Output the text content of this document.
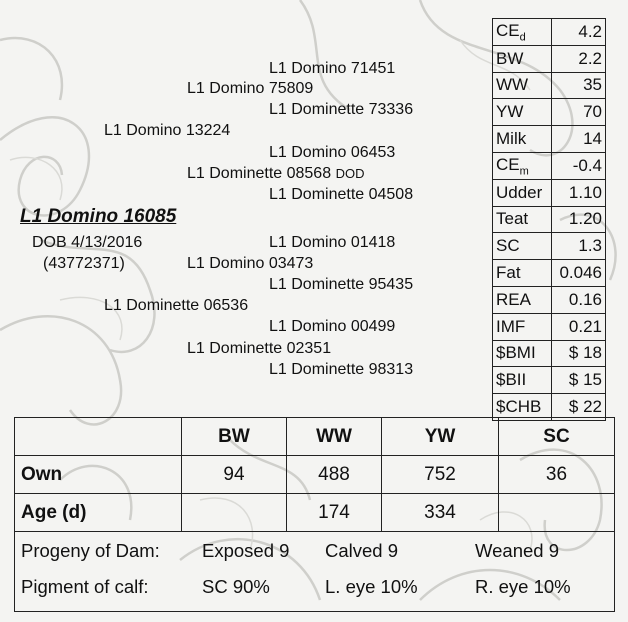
L1 Domino 71451
L1 Domino 75809
L1 Dominette 73336
L1 Domino 13224
L1 Domino 06453
L1 Dominette 08568 DOD
L1 Dominette 04508
L1 Domino 16085
DOB 4/13/2016
(43772371)
L1 Domino 01418
L1 Domino 03473
L1 Dominette 95435
L1 Dominette 06536
L1 Domino 00499
L1 Dominette 02351
L1 Dominette 98313
$CE_d$	4.2
BW	2.2
WW	35
YW	70
Milk	14
$CE_m$	-0.4
Udder	1.10
Teat	1.20
SC	1.3
Fat	0.046
REA	0.16
IMF	0.21
$BMI	$ 18
$BII	$ 15
$CHB	$ 22
	BW	WW	YW	SC
Own	94	488	752	36
Age (d)		174	334	
Progeny of Dam: Exposed 9 Calved 9	Weaned 9
Pigment of calf:	SC 90%	L. eye 10%	R. eye 10%
